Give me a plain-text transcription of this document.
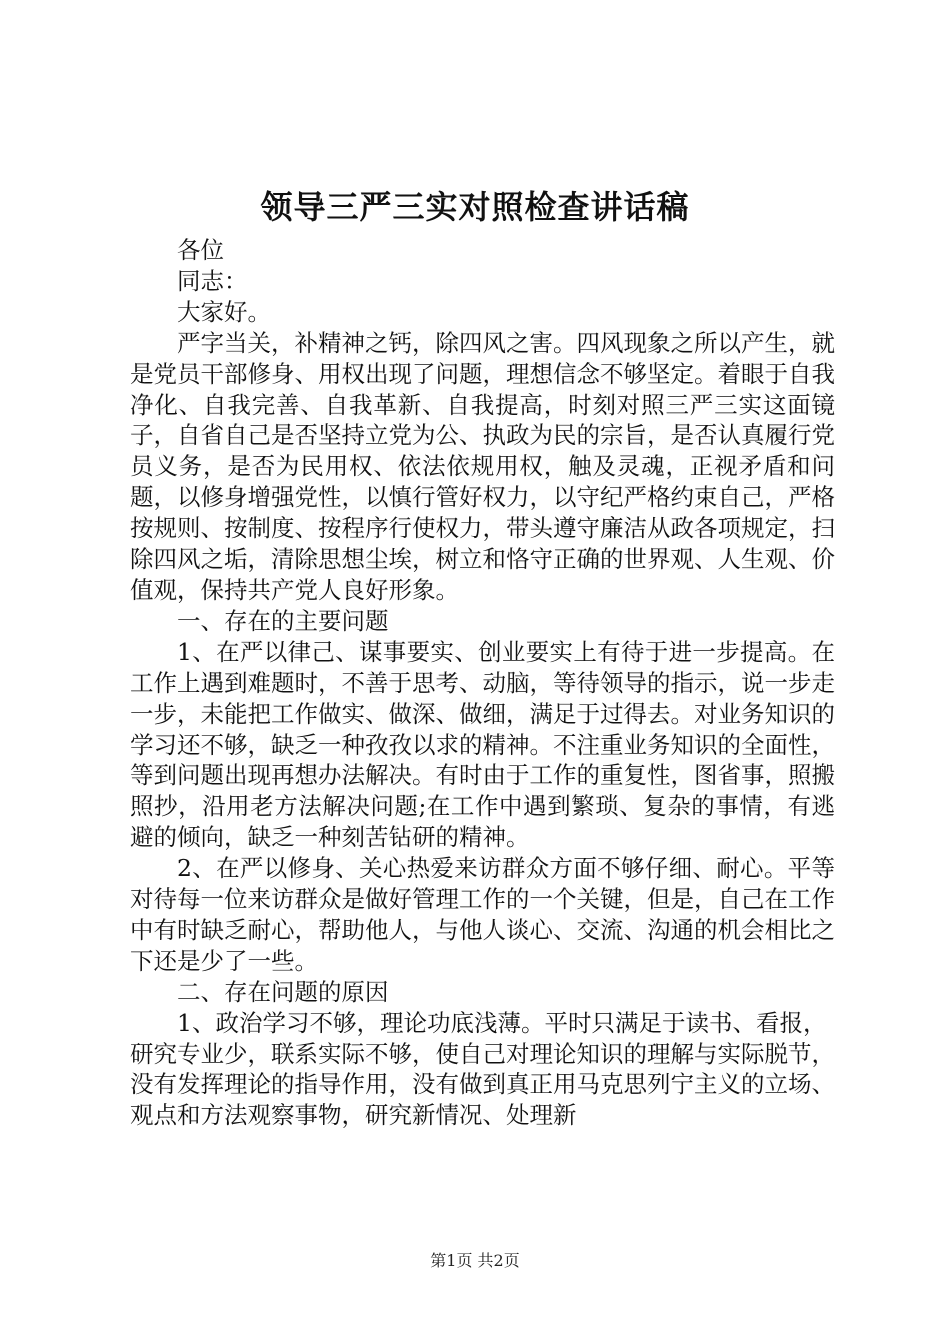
领导三严三实对照检查讲话稿

各位

同志：

大家好。

严字当关，补精神之钙，除四风之害。四风现象之所以产生，就是党员干部修身、用权出现了问题，理想信念不够坚定。着眼于自我净化、自我完善、自我革新、自我提高，时刻对照三严三实这面镜子，自省自己是否坚持立党为公、执政为民的宗旨，是否认真履行党员义务，是否为民用权、依法依规用权，触及灵魂，正视矛盾和问题，以修身增强党性，以慎行管好权力，以守纪严格约束自己，严格按规则、按制度、按程序行使权力，带头遵守廉洁从政各项规定，扫除四风之垢，清除思想尘埃，树立和恪守正确的世界观、人生观、价值观，保持共产党人良好形象。

一、存在的主要问题

1、在严以律己、谋事要实、创业要实上有待于进一步提高。在工作上遇到难题时，不善于思考、动脑，等待领导的指示，说一步走一步，未能把工作做实、做深、做细，满足于过得去。对业务知识的学习还不够，缺乏一种孜孜以求的精神。不注重业务知识的全面性，等到问题出现再想办法解决。有时由于工作的重复性，图省事，照搬照抄，沿用老方法解决问题;在工作中遇到繁琐、复杂的事情，有逃避的倾向，缺乏一种刻苦钻研的精神。

2、在严以修身、关心热爱来访群众方面不够仔细、耐心。平等对待每一位来访群众是做好管理工作的一个关键，但是，自己在工作中有时缺乏耐心，帮助他人，与他人谈心、交流、沟通的机会相比之下还是少了一些。

二、存在问题的原因

1、政治学习不够，理论功底浅薄。平时只满足于读书、看报，研究专业少，联系实际不够，使自己对理论知识的理解与实际脱节，没有发挥理论的指导作用，没有做到真正用马克思列宁主义的立场、观点和方法观察事物，研究新情况、处理新

第1页 共2页
